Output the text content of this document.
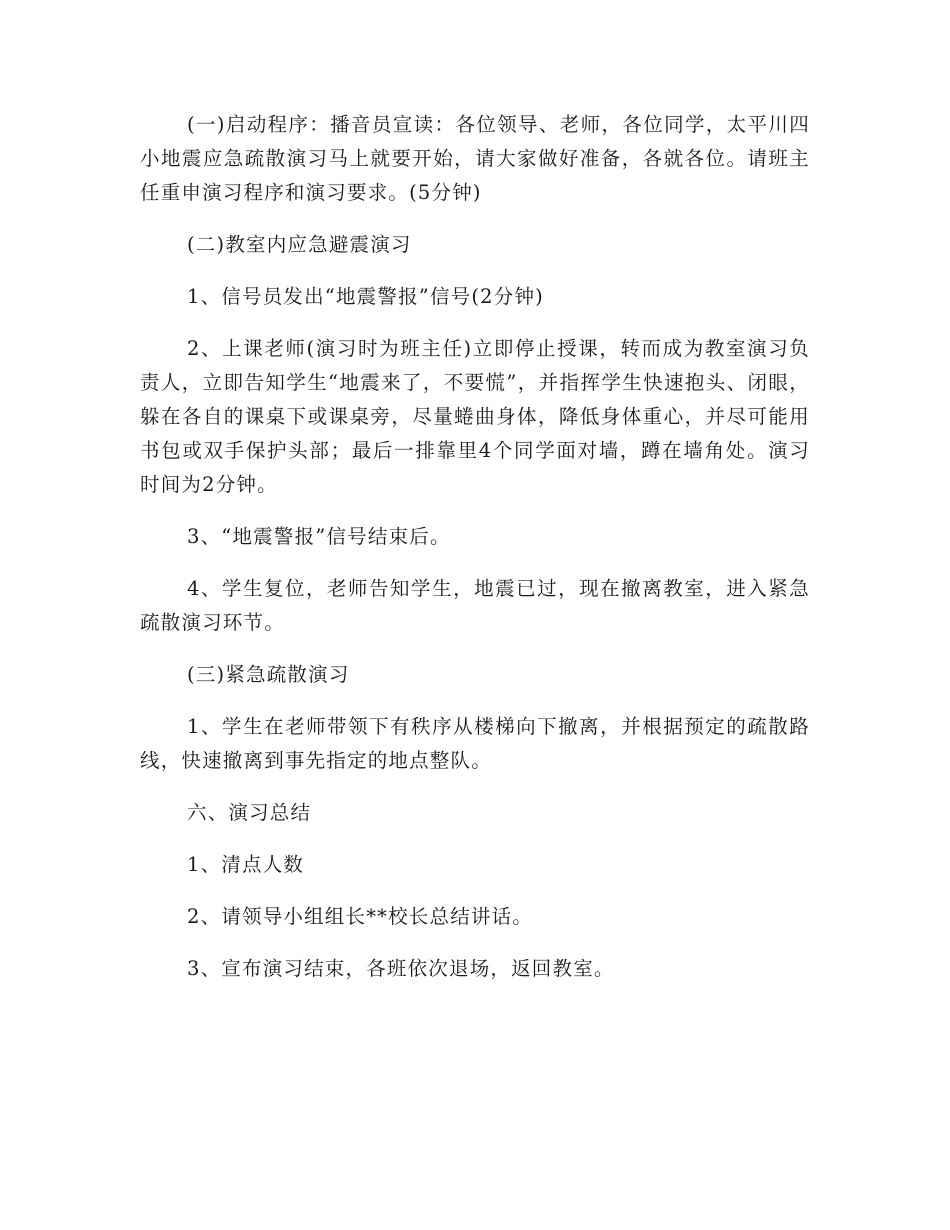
(一)启动程序：播音员宣读：各位领导、老师，各位同学，太平川四小地震应急疏散演习马上就要开始，请大家做好准备，各就各位。请班主任重申演习程序和演习要求。(5分钟)

(二)教室内应急避震演习

1、信号员发出“地震警报”信号(2分钟)

2、上课老师(演习时为班主任)立即停止授课，转而成为教室演习负责人，立即告知学生“地震来了，不要慌”，并指挥学生快速抱头、闭眼，躲在各自的课桌下或课桌旁，尽量蜷曲身体，降低身体重心，并尽可能用书包或双手保护头部；最后一排靠里4个同学面对墙，蹲在墙角处。演习时间为2分钟。

3、“地震警报”信号结束后。

4、学生复位，老师告知学生，地震已过，现在撤离教室，进入紧急疏散演习环节。

(三)紧急疏散演习

1、学生在老师带领下有秩序从楼梯向下撤离，并根据预定的疏散路线，快速撤离到事先指定的地点整队。

六、演习总结

1、清点人数

2、请领导小组组长**校长总结讲话。

3、宣布演习结束，各班依次退场，返回教室。
